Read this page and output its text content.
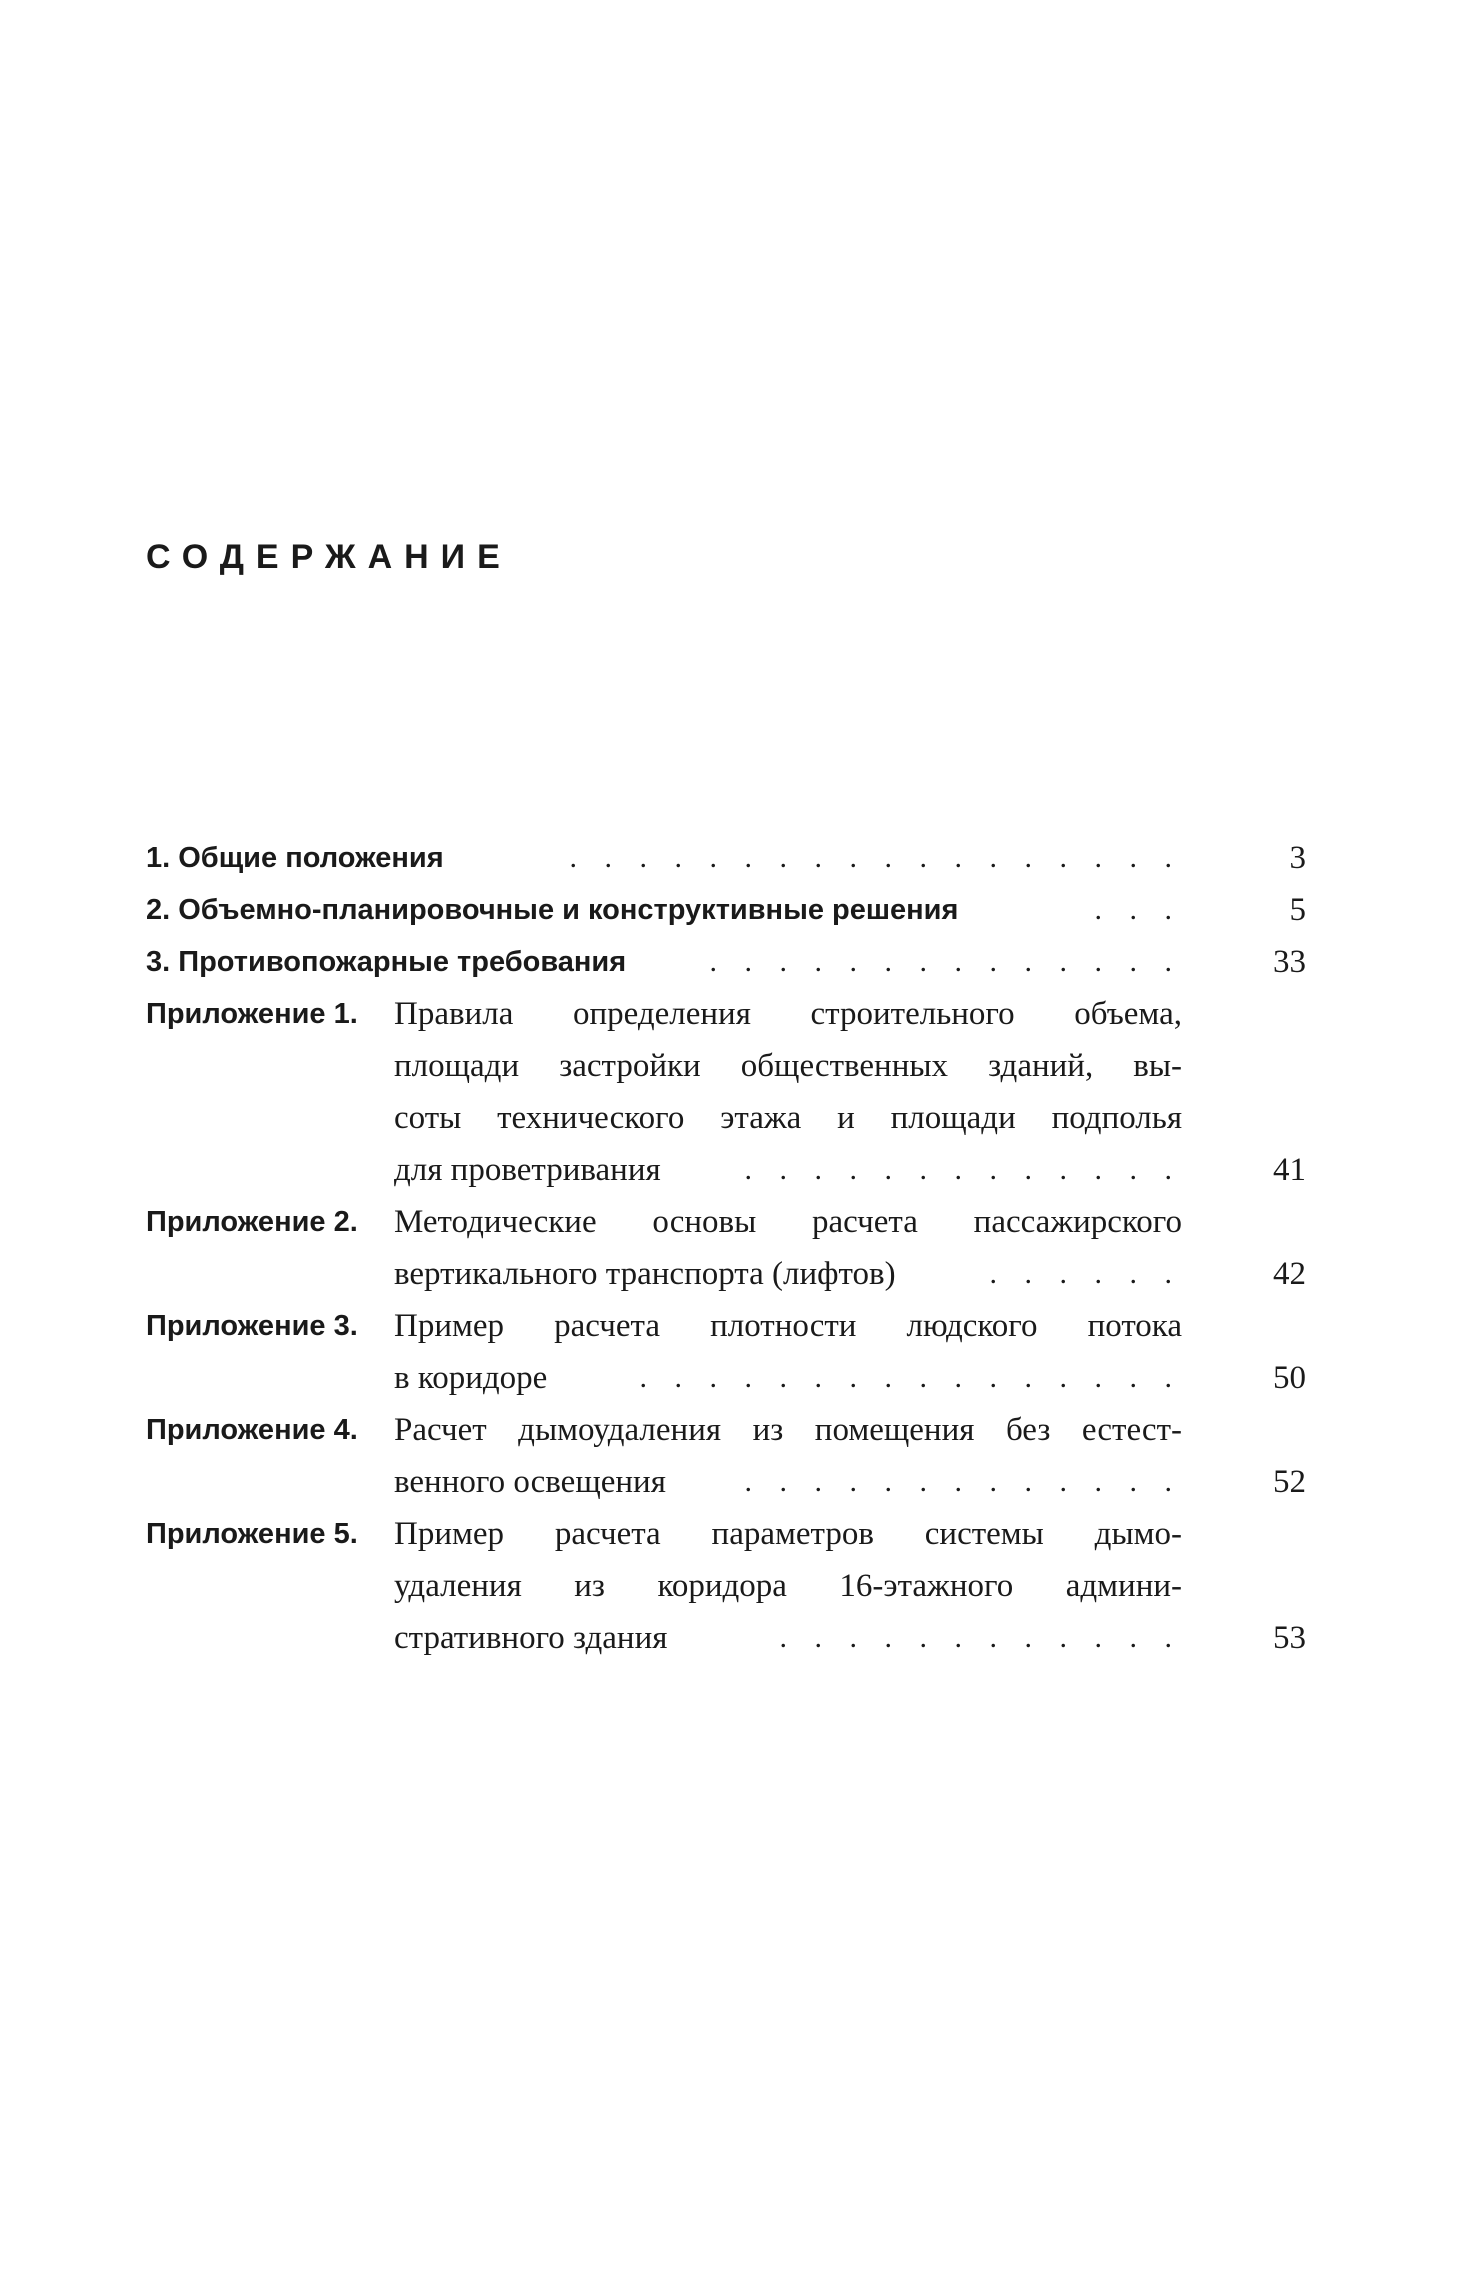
СОДЕРЖАНИЕ
1. Общие положения	. . . . . . . . . . . . . . . . . .	3
2. Объемно-планировочные и конструктивные решения	. . .	5
3. Противопожарные требования	. . . . . . . . . . . . . .	33
Приложение 1. Правила определения строительного объема,
площади застройки общественных зданий, вы-
соты технического этажа и площади подполья
для проветривания	. . . . . . . . . . . . .	41
Приложение 2. Методические основы расчета пассажирского
вертикального транспорта (лифтов)	. . . . . .	42
Приложение 3. Пример расчета плотности людского потока
в коридоре	. . . . . . . . . . . . . . . .	50
Приложение 4. Расчет дымоудаления из помещения без естест-
венного освещения	. . . . . . . . . . . . .	52
Приложение 5. Пример расчета параметров системы дымо-
удаления из коридора 16-этажного админи-
стративного здания	. . . . . . . . . . . .	53
